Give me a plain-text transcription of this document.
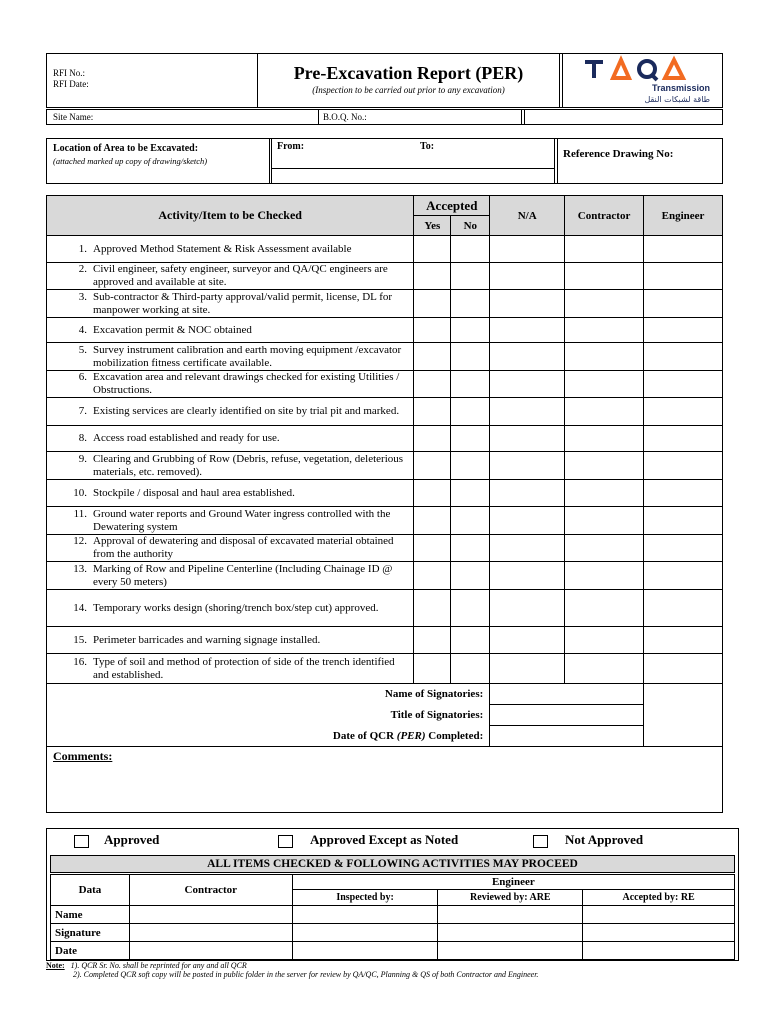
RFI No.:
RFI Date:
Pre-Excavation Report (PER)
(Inspection to be carried out prior to any excavation)	Transmission
طاقة لشبكات النقل
Site Name:	B.O.Q. No.:
Location of Area to be Excavated:
(attached marked up copy of drawing/sketch)
From:	To:
Reference Drawing No:
Activity/Item to be Checked	Accepted		N/A	Contractor	Engineer
	Yes	No			

1. Approved Method Statement & Risk Assessment available					

2. Civil engineer, safety engineer, surveyor and QA/QC engineers are approved and available at site.					

3. Sub-contractor & Third-party approval/valid permit, license, DL for manpower working at site.					

4. Excavation permit & NOC obtained					

5. Survey instrument calibration and earth moving equipment /excavator mobilization fitness certificate available.					

6. Excavation area and relevant drawings checked for existing Utilities / Obstructions.					

7. Existing services are clearly identified on site by trial pit and marked.					

8. Access road established and ready for use.					

9. Clearing and Grubbing of Row (Debris, refuse, vegetation, deleterious materials, etc. removed).					

10. Stockpile / disposal and haul area established.					

11. Ground water reports and Ground Water ingress controlled with the Dewatering system					

12. Approval of dewatering and disposal of excavated material obtained from the authority					

13. Marking of Row and Pipeline Centerline (Including Chainage ID @ every 50 meters)					

14. Temporary works design (shoring/trench box/step cut) approved.					

15. Perimeter barricades and warning signage installed.					

16. Type of soil and method of protection of side of the trench identified and established.					

Name of Signatories:					
Title of Signatories:					
Date of QCR (PER) Completed:					
Comments:					
Approved	Approved Except as Noted	Not Approved
ALL ITEMS CHECKED & FOLLOWING ACTIVITIES MAY PROCEED
Data	Contractor	Engineer		
		Inspected by:	Reviewed by: ARE	Accepted by: RE
Name				
Signature				
Date				
Note: 1). QCR Sr. No. shall be reprinted for any and all QCR
2). Completed QCR soft copy will be posted in public folder in the server for review by QA/QC, Planning & QS of both Contractor and Engineer.
